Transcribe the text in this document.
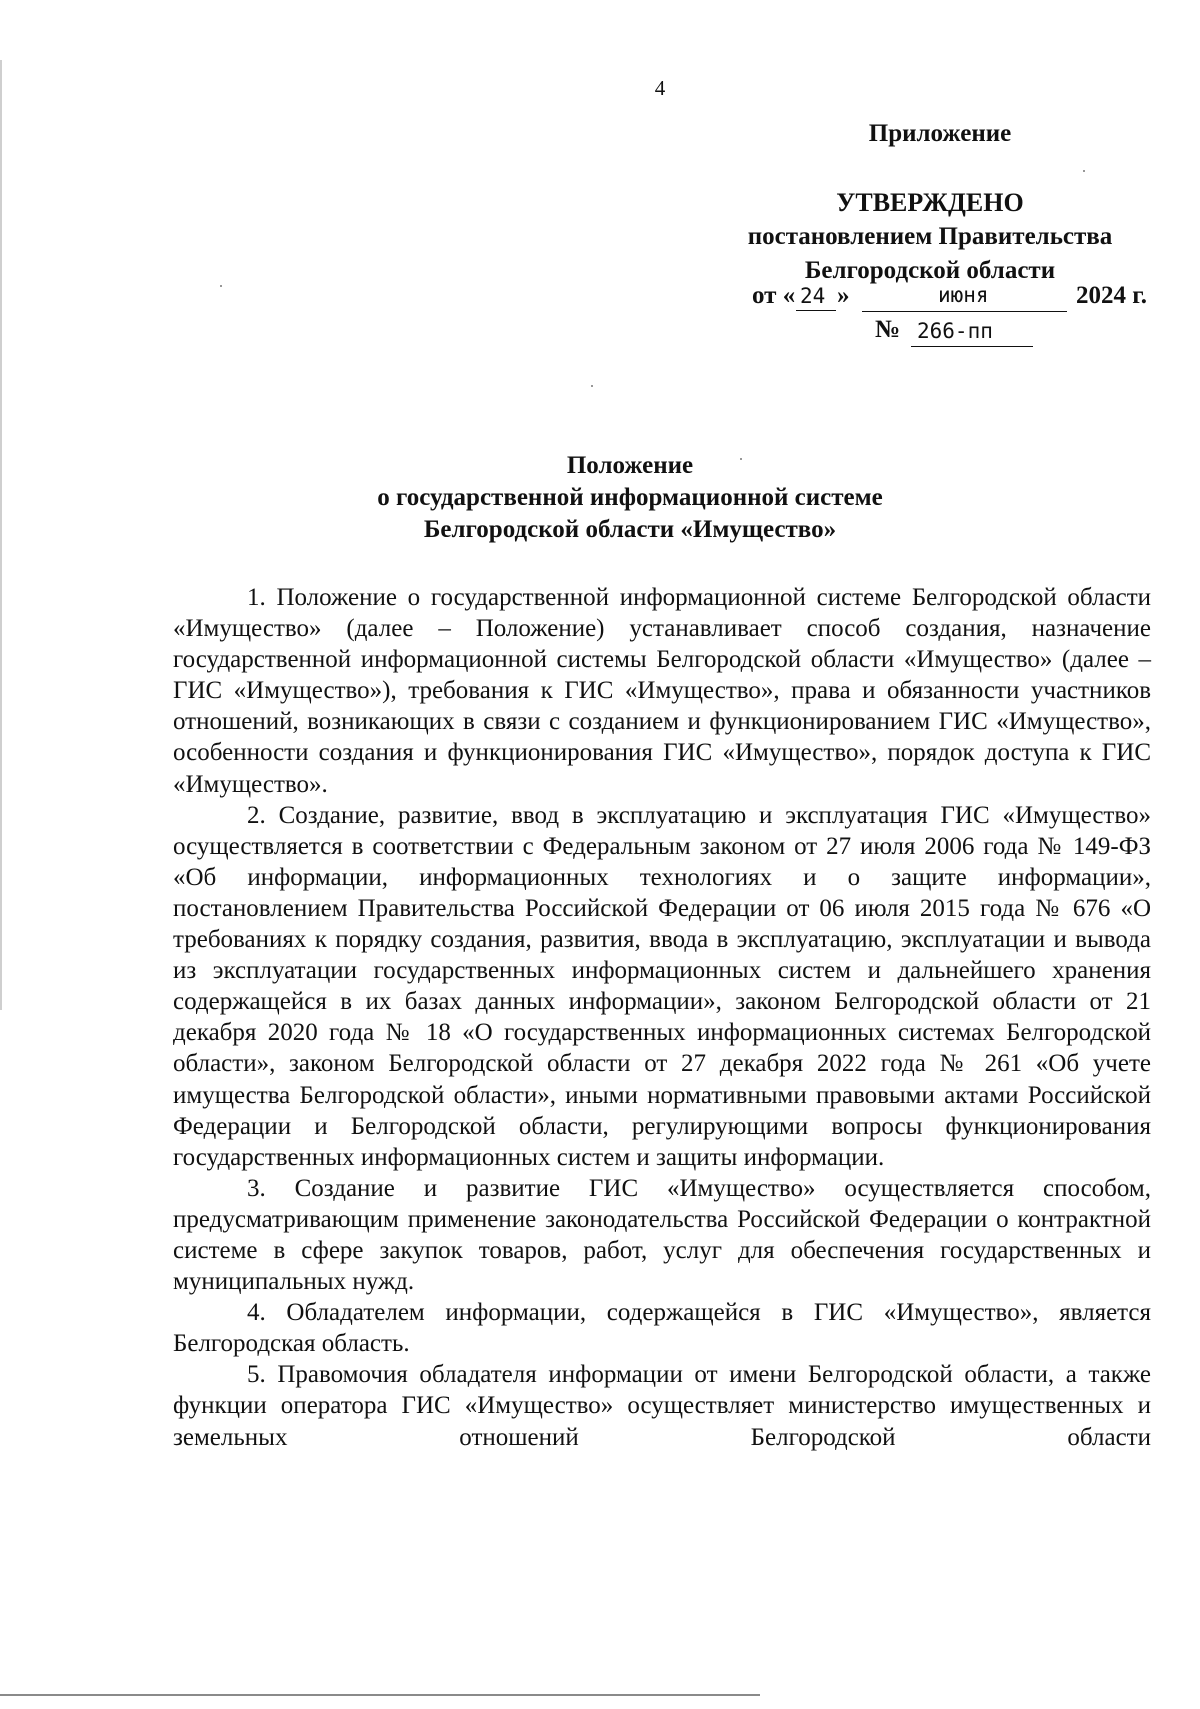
4
Приложение
УТВЕРЖДЕНО
постановлением Правительства
Белгородской области
от « 24 »	июня	2024 г.
№ 266-пп
Положение
о государственной информационной системе
Белгородской области «Имущество»

1. Положение о государственной информационной системе Белгородской области «Имущество» (далее – Положение) устанавливает способ создания, назначение государственной информационной системы Белгородской области «Имущество» (далее – ГИС «Имущество»), требования к ГИС «Имущество», права и обязанности участников отношений, возникающих в связи с созданием и функционированием ГИС «Имущество», особенности создания и функционирования ГИС «Имущество», порядок доступа к ГИС «Имущество».

2. Создание, развитие, ввод в эксплуатацию и эксплуатация ГИС «Имущество» осуществляется в соответствии с Федеральным законом от 27 июля 2006 года № 149-ФЗ «Об информации, информационных технологиях и о защите информации», постановлением Правительства Российской Федерации от 06 июля 2015 года № 676 «О требованиях к порядку создания, развития, ввода в эксплуатацию, эксплуатации и вывода из эксплуатации государственных информационных систем и дальнейшего хранения содержащейся в их базах данных информации», законом Белгородской области от 21 декабря 2020 года № 18 «О государственных информационных системах Белгородской области», законом Белгородской области от 27 декабря 2022 года № 261 «Об учете имущества Белгородской области», иными нормативными правовыми актами Российской Федерации и Белгородской области, регулирующими вопросы функционирования государственных информационных систем и защиты информации.

3. Создание и развитие ГИС «Имущество» осуществляется способом, предусматривающим применение законодательства Российской Федерации о контрактной системе в сфере закупок товаров, работ, услуг для обеспечения государственных и муниципальных нужд.

4. Обладателем информации, содержащейся в ГИС «Имущество», является Белгородская область.

5. Правомочия обладателя информации от имени Белгородской области, а также функции оператора ГИС «Имущество» осуществляет министерство имущественных и земельных отношений Белгородской области
